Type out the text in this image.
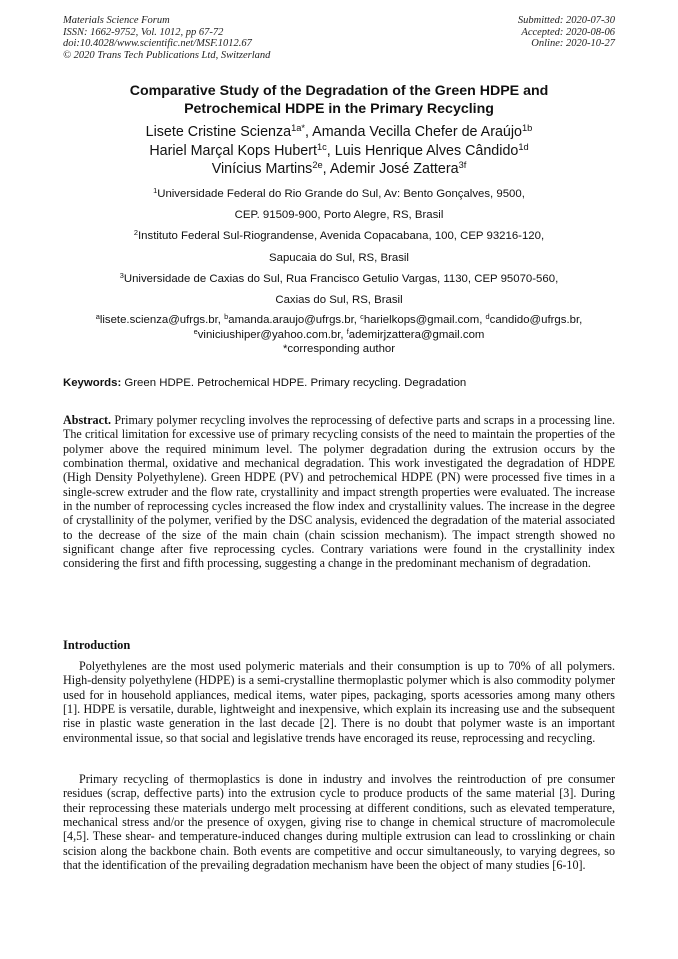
Materials Science Forum
ISSN: 1662-9752, Vol. 1012, pp 67-72
doi:10.4028/www.scientific.net/MSF.1012.67
© 2020 Trans Tech Publications Ltd, Switzerland
Submitted: 2020-07-30
Accepted: 2020-08-06
Online: 2020-10-27
Comparative Study of the Degradation of the Green HDPE and
Petrochemical HDPE in the Primary Recycling
Lisete Cristine Scienza$^{1a*}$, Amanda Vecilla Chefer de Araújo$^{1b}$
Hariel Marçal Kops Hubert$^{1c}$, Luis Henrique Alves Cândido$^{1d}$
Vinícius Martins$^{2e}$, Ademir José Zattera$^{3f}$
$^1$Universidade Federal do Rio Grande do Sul, Av: Bento Gonçalves, 9500,
CEP. 91509-900, Porto Alegre, RS, Brasil
$^2$Instituto Federal Sul-Riograndense, Avenida Copacabana, 100, CEP 93216-120,
Sapucaia do Sul, RS, Brasil
$^3$Universidade de Caxias do Sul, Rua Francisco Getulio Vargas, 1130, CEP 95070-560,
Caxias do Sul, RS, Brasil
$^a$lisete.scienza@ufrgs.br, $^b$amanda.araujo@ufrgs.br, $^c$harielkops@gmail.com, $^d$candido@ufrgs.br,
$^e$viniciushiper@yahoo.com.br, $^f$ademirjzattera@gmail.com
*corresponding author
Keywords: Green HDPE. Petrochemical HDPE. Primary recycling. Degradation
Abstract. Primary polymer recycling involves the reprocessing of defective parts and scraps in a processing line. The critical limitation for excessive use of primary recycling consists of the need to maintain the properties of the polymer above the required minimum level. The polymer degradation during the extrusion occurs by the combination thermal, oxidative and mechanical degradation. This work investigated the degradation of HDPE (High Density Polyethylene). Green HDPE (PV) and petrochemical HDPE (PN) were processed five times in a single-screw extruder and the flow rate, crystallinity and impact strength properties were evaluated. The increase in the number of reprocessing cycles increased the flow index and crystallinity values. The increase in the degree of crystallinity of the polymer, verified by the DSC analysis, evidenced the degradation of the material associated to the decrease of the size of the main chain (chain scission mechanism). The impact strength showed no significant change after five reprocessing cycles. Contrary variations were found in the crystallinity index considering the first and fifth processing, suggesting a change in the predominant mechanism of degradation.
Introduction

Polyethylenes are the most used polymeric materials and their consumption is up to 70% of all polymers. High-density polyethylene (HDPE) is a semi-crystalline thermoplastic polymer which is also commodity polymer used for in household appliances, medical items, water pipes, packaging, sports acessories among many others [1]. HDPE is versatile, durable, lightweight and inexpensive, which explain its increasing use and the subsequent rise in plastic waste generation in the last decade [2]. There is no doubt that polymer waste is an important environmental issue, so that social and legislative trends have encoraged its reuse, reprocessing and recycling.

Primary recycling of thermoplastics is done in industry and involves the reintroduction of pre consumer residues (scrap, deffective parts) into the extrusion cycle to produce products of the same material [3]. During their reprocessing these materials undergo melt processing at different conditions, such as elevated temperature, mechanical stress and/or the presence of oxygen, giving rise to change in chemical structure of macromolecule [4,5]. These shear- and temperature-induced changes during multiple extrusion can lead to crosslinking or chain scision along the backbone chain. Both events are competitive and occur simultaneously, to varying degrees, so that the identification of the prevailing degradation mechanism have been the object of many studies [6-10].
